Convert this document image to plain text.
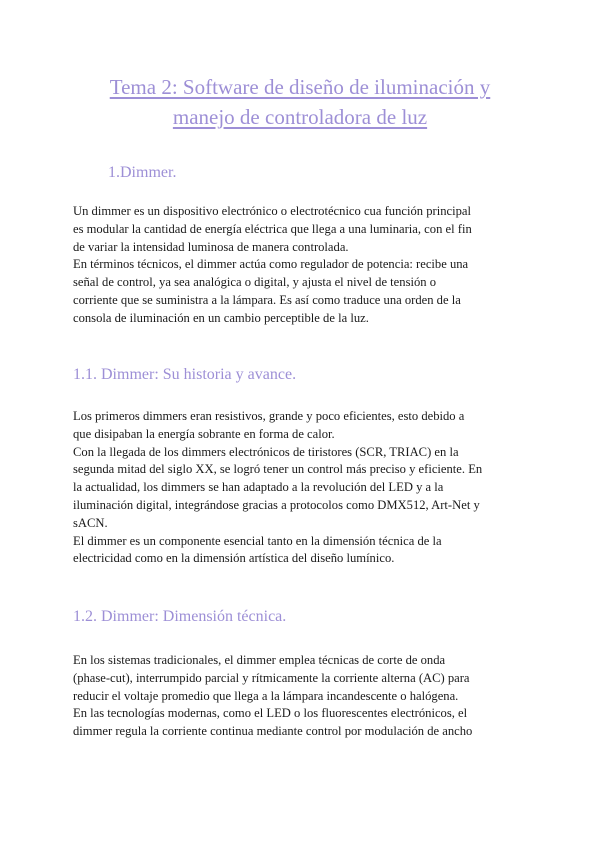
Tema 2: Software de diseño de iluminación y
manejo de controladora de luz
1.Dimmer.
Un dimmer es un dispositivo electrónico o electrotécnico cua función principal
es modular la cantidad de energía eléctrica que llega a una luminaria, con el fin
de variar la intensidad luminosa de manera controlada.
En términos técnicos, el dimmer actúa como regulador de potencia: recibe una
señal de control, ya sea analógica o digital, y ajusta el nivel de tensión o
corriente que se suministra a la lámpara. Es así como traduce una orden de la
consola de iluminación en un cambio perceptible de la luz.
1.1. Dimmer: Su historia y avance.
Los primeros dimmers eran resistivos, grande y poco eficientes, esto debido a
que disipaban la energía sobrante en forma de calor.
Con la llegada de los dimmers electrónicos de tiristores (SCR, TRIAC) en la
segunda mitad del siglo XX, se logró tener un control más preciso y eficiente. En
la actualidad, los dimmers se han adaptado a la revolución del LED y a la
iluminación digital, integrándose gracias a protocolos como DMX512, Art-Net y
sACN.
El dimmer es un componente esencial tanto en la dimensión técnica de la
electricidad como en la dimensión artística del diseño lumínico.
1.2. Dimmer: Dimensión técnica.
En los sistemas tradicionales, el dimmer emplea técnicas de corte de onda
(phase-cut), interrumpido parcial y rítmicamente la corriente alterna (AC) para
reducir el voltaje promedio que llega a la lámpara incandescente o halógena.
En las tecnologías modernas, como el LED o los fluorescentes electrónicos, el
dimmer regula la corriente continua mediante control por modulación de ancho
